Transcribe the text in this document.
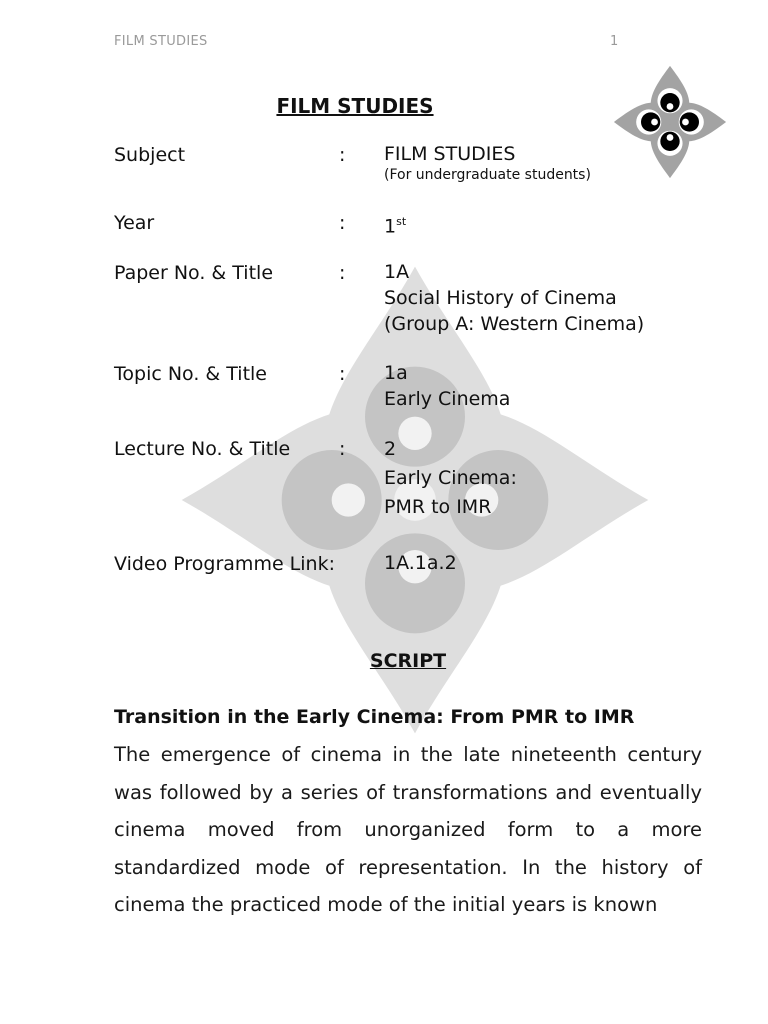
FILM STUDIES	1
FILM STUDIES
Subject	: FILM STUDIES
(For undergraduate students)
Year	: 1st
Paper No. & Title	: 1A
Social History of Cinema
(Group A: Western Cinema)
Topic No. & Title	: 1a
Early Cinema
Lecture No. & Title	: 2
Early Cinema:
PMR to IMR
Video Programme Link:	1A.1a.2
SCRIPT
Transition in the Early Cinema: From PMR to IMR

The emergence of cinema in the late nineteenth century was followed by a series of transformations and eventually cinema moved from unorganized form to a more standardized mode of representation. In the history of cinema the practiced mode of the initial years is known
